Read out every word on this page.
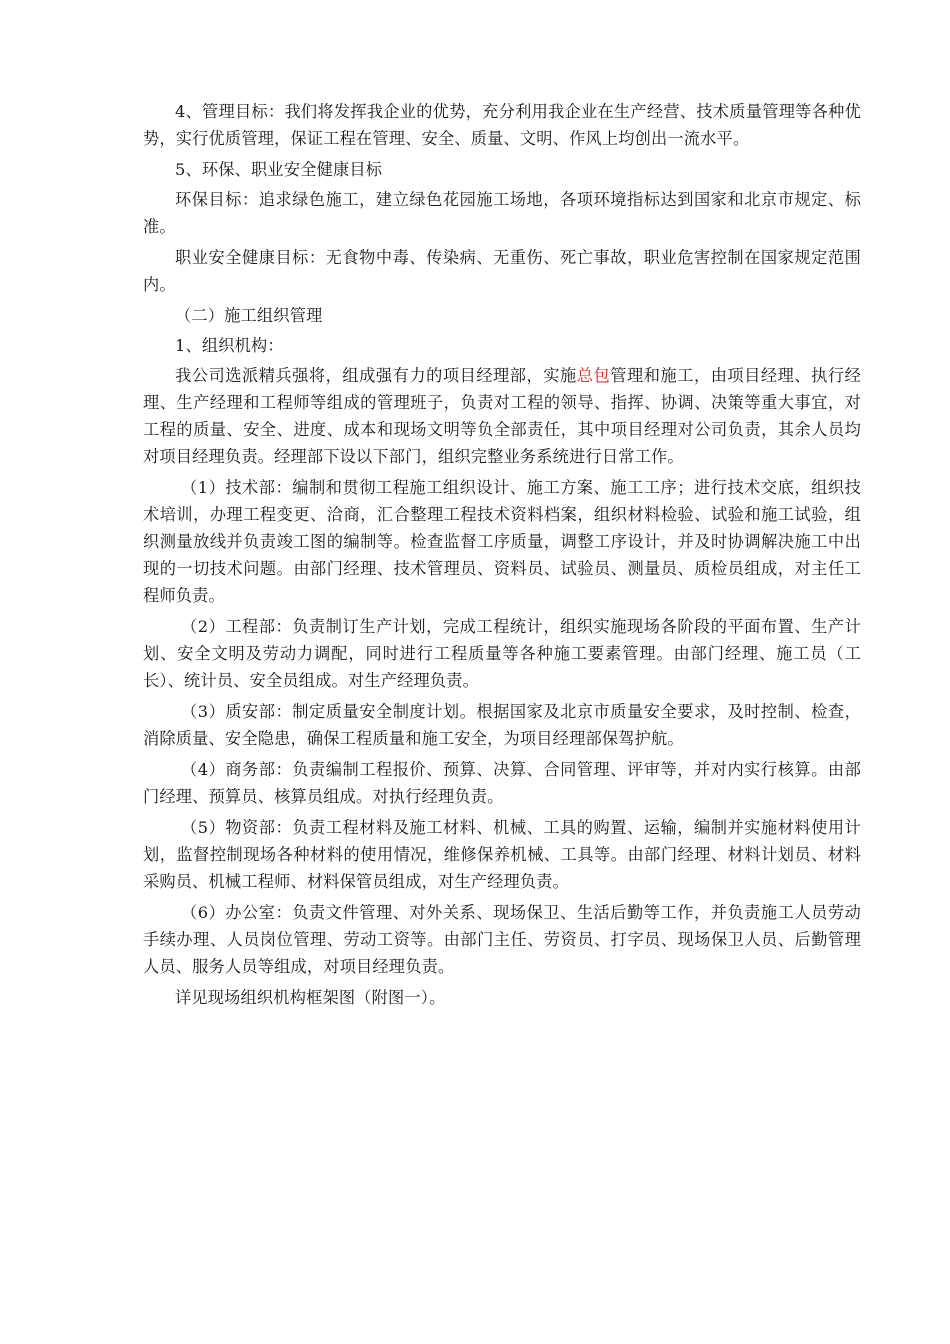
4、管理目标：我们将发挥我企业的优势，充分利用我企业在生产经营、技术质量管理等各种优势，实行优质管理，保证工程在管理、安全、质量、文明、作风上均创出一流水平。

5、环保、职业安全健康目标

环保目标：追求绿色施工，建立绿色花园施工场地，各项环境指标达到国家和北京市规定、标准。

职业安全健康目标：无食物中毒、传染病、无重伤、死亡事故，职业危害控制在国家规定范围内。

（二）施工组织管理

1、组织机构：

我公司选派精兵强将，组成强有力的项目经理部，实施总包管理和施工，由项目经理、执行经理、生产经理和工程师等组成的管理班子，负责对工程的领导、指挥、协调、决策等重大事宜，对工程的质量、安全、进度、成本和现场文明等负全部责任，其中项目经理对公司负责，其余人员均对项目经理负责。经理部下设以下部门，组织完整业务系统进行日常工作。

（1）技术部：编制和贯彻工程施工组织设计、施工方案、施工工序；进行技术交底，组织技术培训，办理工程变更、洽商，汇合整理工程技术资料档案，组织材料检验、试验和施工试验，组织测量放线并负责竣工图的编制等。检查监督工序质量，调整工序设计，并及时协调解决施工中出现的一切技术问题。由部门经理、技术管理员、资料员、试验员、测量员、质检员组成，对主任工程师负责。

（2）工程部：负责制订生产计划，完成工程统计，组织实施现场各阶段的平面布置、生产计划、安全文明及劳动力调配，同时进行工程质量等各种施工要素管理。由部门经理、施工员（工长）、统计员、安全员组成。对生产经理负责。

（3）质安部：制定质量安全制度计划。根据国家及北京市质量安全要求，及时控制、检查，消除质量、安全隐患，确保工程质量和施工安全，为项目经理部保驾护航。

（4）商务部：负责编制工程报价、预算、决算、合同管理、评审等，并对内实行核算。由部门经理、预算员、核算员组成。对执行经理负责。

（5）物资部：负责工程材料及施工材料、机械、工具的购置、运输，编制并实施材料使用计划，监督控制现场各种材料的使用情况，维修保养机械、工具等。由部门经理、材料计划员、材料采购员、机械工程师、材料保管员组成，对生产经理负责。

（6）办公室：负责文件管理、对外关系、现场保卫、生活后勤等工作，并负责施工人员劳动手续办理、人员岗位管理、劳动工资等。由部门主任、劳资员、打字员、现场保卫人员、后勤管理人员、服务人员等组成，对项目经理负责。

详见现场组织机构框架图（附图一）。
